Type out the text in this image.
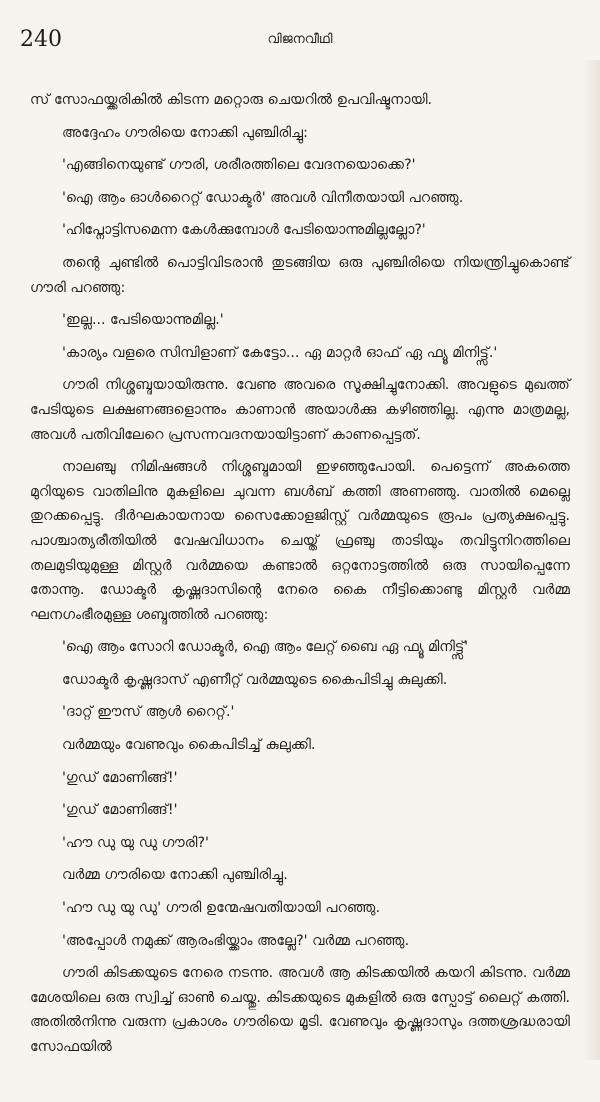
240	വിജനവീഥി

സ് സോഫയ്ക്കരികിൽ കിടന്ന മറ്റൊരു ചെയറിൽ ഉപവിഷ്ടനായി.

അദ്ദേഹം ഗൗരിയെ നോക്കി പുഞ്ചിരിച്ചു:

'എങ്ങിനെയുണ്ട് ഗൗരി, ശരീരത്തിലെ വേദനയൊക്കെ?'

'ഐ ആം ഓൾറൈറ്റ് ഡോക്ടർ' അവൾ വിനീതയായി പറഞ്ഞു.

'ഹിപ്നോട്ടിസമെന്ന കേൾക്കുമ്പോൾ പേടിയൊന്നുമില്ലല്ലോ?'

തന്റെ ചുണ്ടിൽ പൊട്ടിവിടരാൻ തുടങ്ങിയ ഒരു പുഞ്ചിരിയെ നിയന്ത്രിച്ചുകൊണ്ട് ഗൗരി പറഞ്ഞു:

'ഇല്ല... പേടിയൊന്നുമില്ല.'

'കാര്യം വളരെ സിമ്പിളാണ് കേട്ടോ... ഏ മാറ്റർ ഓഫ് ഏ ഫ്യൂ മിനിട്ട്സ്.'

ഗൗരി നിശ്ശബ്ദയായിരുന്നു. വേണു അവരെ സൂക്ഷിച്ചുനോക്കി. അവളുടെ മുഖത്ത് പേടിയുടെ ലക്ഷണങ്ങളൊന്നും കാണാൻ അയാൾക്കു കഴിഞ്ഞില്ല. എന്നു മാത്രമല്ല, അവൾ പതിവിലേറെ പ്രസന്നവദനയായിട്ടാണ് കാണപ്പെട്ടത്.

നാലഞ്ചു നിമിഷങ്ങൾ നിശ്ശബ്ദമായി ഇഴഞ്ഞുപോയി. പെട്ടെന്ന് അകത്തെ മുറിയുടെ വാതിലിനു മുകളിലെ ചുവന്ന ബൾബ് കത്തി അണഞ്ഞു. വാതിൽ മെല്ലെ തുറക്കപ്പെട്ടു. ദീർഘകായനായ സൈക്കോളജിസ്റ്റ് വർമ്മയുടെ രൂപം പ്രത്യക്ഷപ്പെട്ടു. പാശ്ചാത്യരീതിയിൽ വേഷവിധാനം ചെയ്ത് ഫ്രഞ്ചു താടിയും തവിട്ടുനിറത്തിലെ തലമുടിയുമുള്ള മിസ്റ്റർ വർമ്മയെ കണ്ടാൽ ഒറ്റനോട്ടത്തിൽ ഒരു സായിപ്പെന്നേ തോന്നൂ. ഡോക്ടർ കൃഷ്ണദാസിന്റെ നേരെ കൈ നീട്ടിക്കൊണ്ടു മിസ്റ്റർ വർമ്മ ഘനഗംഭീരമുള്ള ശബ്ദത്തിൽ പറഞ്ഞു:

'ഐ ആം സോറി ഡോക്ടർ, ഐ ആം ലേറ്റ് ബൈ ഏ ഫ്യൂ മിനിട്ട്സ്'

ഡോക്ടർ കൃഷ്ണദാസ് എണീറ്റ് വർമ്മയുടെ കൈപിടിച്ചു കുലുക്കി.

'ദാറ്റ് ഈസ് ആൾ റൈറ്റ്.'

വർമ്മയും വേണുവും കൈപിടിച്ച് കുലുക്കി.

'ഗുഡ് മോണിങ്ങ്!'

'ഗുഡ് മോണിങ്ങ്!'

'ഹൗ ഡു യു ഡു ഗൗരി?'

വർമ്മ ഗൗരിയെ നോക്കി പുഞ്ചിരിച്ചു.

'ഹൗ ഡു യു ഡു' ഗൗരി ഉന്മേഷവതിയായി പറഞ്ഞു.

'അപ്പോൾ നമുക്ക് ആരംഭിയ്ക്കാം അല്ലേ?' വർമ്മ പറഞ്ഞു.

ഗൗരി കിടക്കയുടെ നേരെ നടന്നു. അവൾ ആ കിടക്കയിൽ കയറി കിടന്നു. വർമ്മ മേശയിലെ ഒരു സ്വിച്ച് ഓൺ ചെയ്തു. കിടക്കയുടെ മുകളിൽ ഒരു സ്പോട്ട് ലൈറ്റ് കത്തി. അതിൽനിന്നു വരുന്ന പ്രകാശം ഗൗരിയെ മൂടി. വേണുവും കൃഷ്ണദാസും ദത്തശ്രദ്ധരായി സോഫയിൽ
